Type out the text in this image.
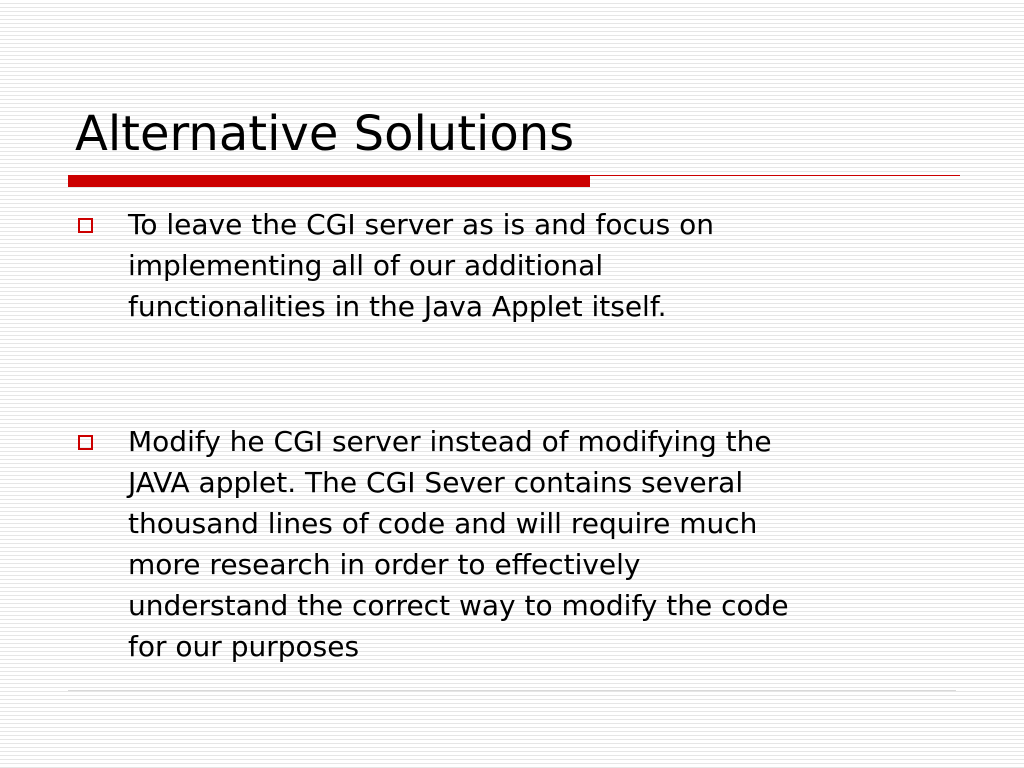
Alternative Solutions
To leave the CGI server as is and focus on
implementing all of our additional
functionalities in the Java Applet itself.
Modify he CGI server instead of modifying the
JAVA applet. The CGI Sever contains several
thousand lines of code and will require much
more research in order to effectively
understand the correct way to modify the code
for our purposes
